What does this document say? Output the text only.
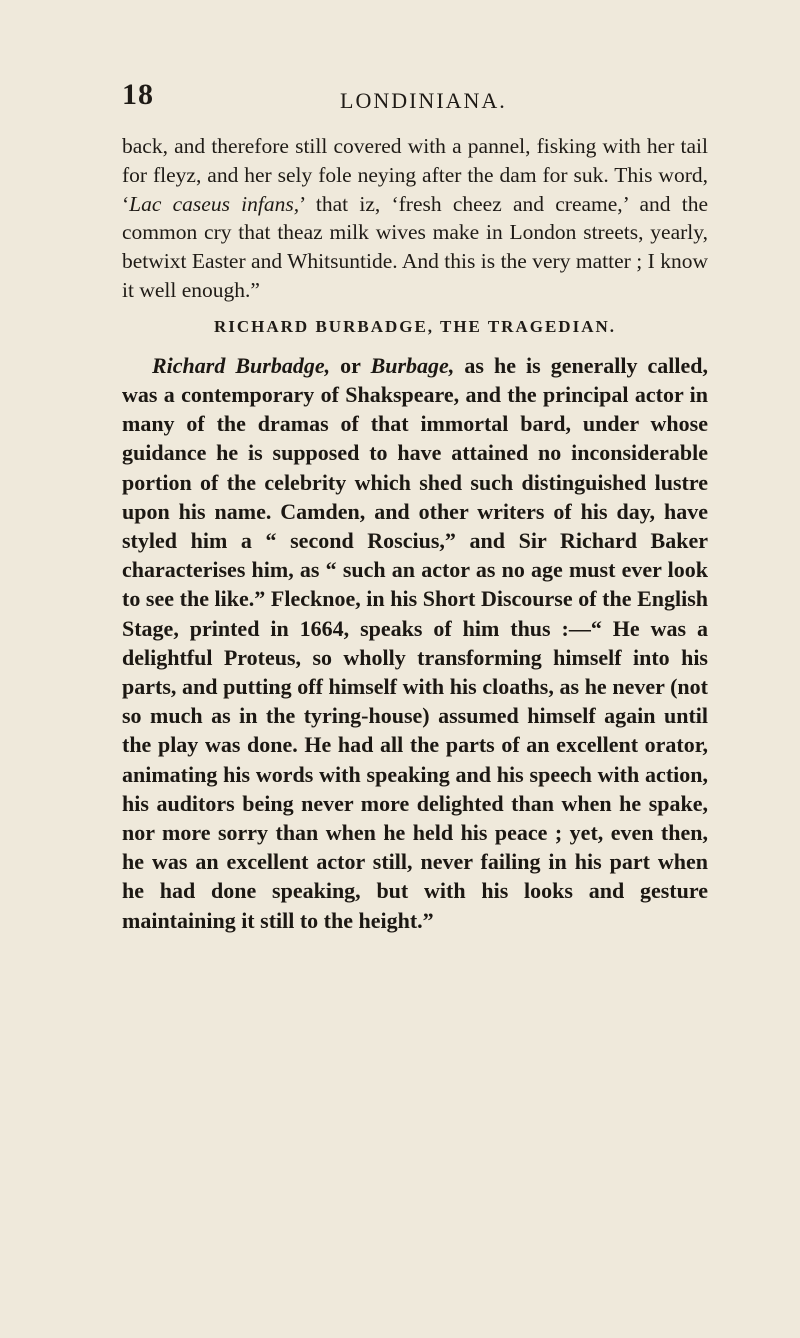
18	LONDINIANA.

back, and therefore still covered with a pannel, fisking with her tail for fleyz, and her sely fole neying after the dam for suk. This word, ‘Lac caseus infans,’ that iz, ‘fresh cheez and creame,’ and the common cry that theaz milk wives make in London streets, yearly, betwixt Easter and Whitsuntide. And this is the very matter ; I know it well enough.”

RICHARD BURBADGE, THE TRAGEDIAN.

Richard Burbadge, or Burbage, as he is generally called, was a contemporary of Shakspeare, and the principal actor in many of the dramas of that immortal bard, under whose guidance he is supposed to have attained no inconsiderable portion of the celebrity which shed such distinguished lustre upon his name. Camden, and other writers of his day, have styled him a “ second Roscius,” and Sir Richard Baker characterises him, as “ such an actor as no age must ever look to see the like.” Flecknoe, in his Short Discourse of the English Stage, printed in 1664, speaks of him thus :—“ He was a delightful Proteus, so wholly transforming himself into his parts, and putting off himself with his cloaths, as he never (not so much as in the tyring-house) assumed himself again until the play was done. He had all the parts of an excellent orator, animating his words with speaking and his speech with action, his auditors being never more delighted than when he spake, nor more sorry than when he held his peace ; yet, even then, he was an excellent actor still, never failing in his part when he had done speaking, but with his looks and gesture maintaining it still to the height.”
